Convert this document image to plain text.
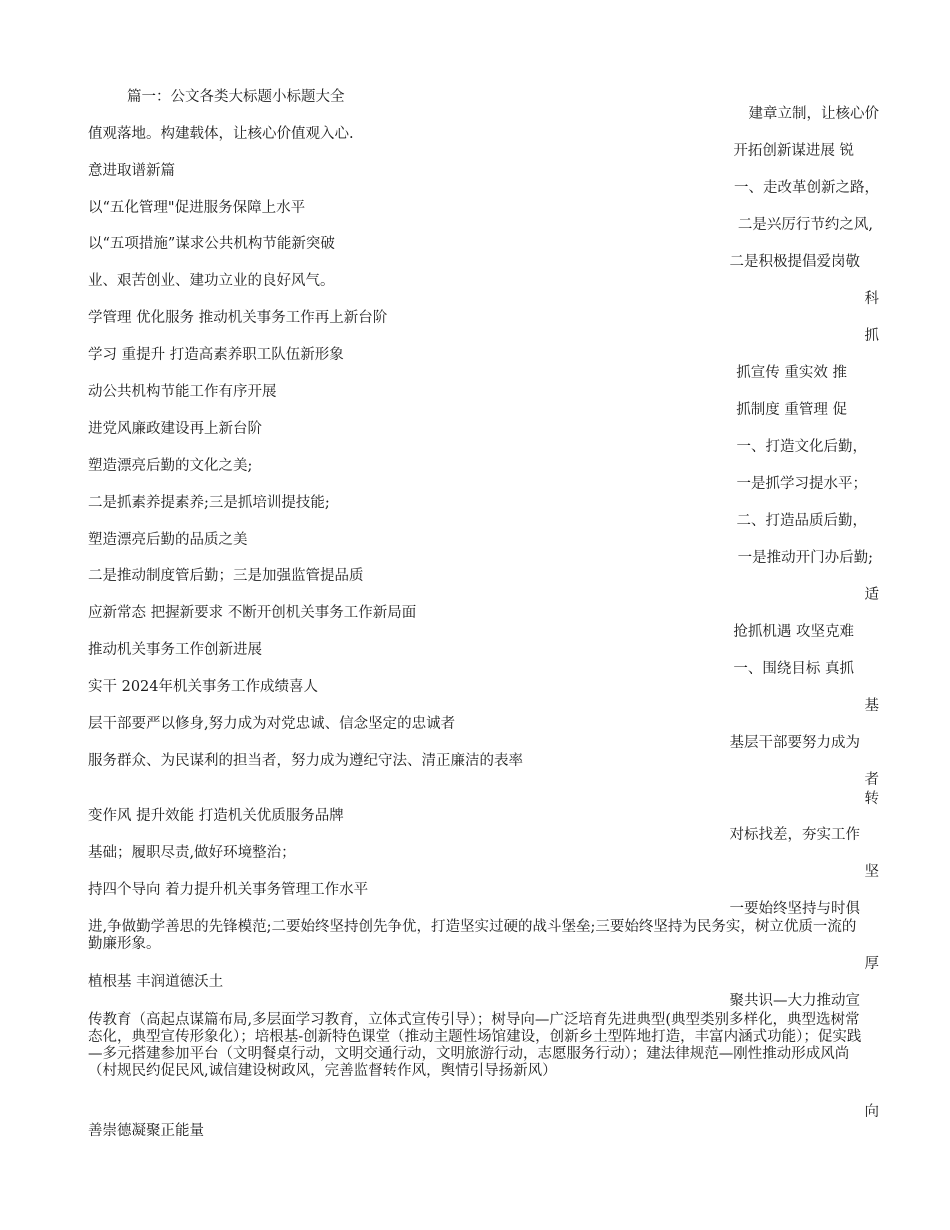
篇一：公文各类大标题小标题大全
值观落地。构建载体，让核心价值观入心.
意进取谱新篇
以“五化管理"促进服务保障上水平
以“五项措施”谋求公共机构节能新突破
业、艰苦创业、建功立业的良好风气。
学管理 优化服务 推动机关事务工作再上新台阶
学习 重提升 打造高素养职工队伍新形象
动公共机构节能工作有序开展
进党风廉政建设再上新台阶
塑造漂亮后勤的文化之美;
二是抓素养提素养;三是抓培训提技能;
塑造漂亮后勤的品质之美
二是推动制度管后勤；三是加强监管提品质
应新常态 把握新要求 不断开创机关事务工作新局面
推动机关事务工作创新进展
实干 2024年机关事务工作成绩喜人
层干部要严以修身,努力成为对党忠诚、信念坚定的忠诚者
服务群众、为民谋利的担当者，努力成为遵纪守法、清正廉洁的表率
变作风 提升效能 打造机关优质服务品牌
基础；履职尽责,做好环境整治；
持四个导向 着力提升机关事务管理工作水平
进,争做勤学善思的先锋模范;二要始终坚持创先争优，打造坚实过硬的战斗堡垒;三要始终坚持为民务实，树立优质一流的勤廉形象。
植根基 丰润道德沃土
传教育（高起点谋篇布局,多层面学习教育，立体式宣传引导）；树导向—广泛培育先进典型(典型类别多样化，典型选树常态化，典型宣传形象化）；培根基-创新特色课堂（推动主题性场馆建设，创新乡土型阵地打造，丰富内涵式功能）；促实践—多元搭建参加平台（文明餐桌行动，文明交通行动，文明旅游行动，志愿服务行动）；建法律规范—刚性推动形成风尚（村规民约促民风,诚信建设树政风，完善监督转作风，舆情引导扬新风）
善崇德凝聚正能量
建章立制，让核心价
开拓创新谋进展 锐
一、走改革创新之路，
二是兴厉行节约之风,
二是积极提倡爱岗敬
科
抓
抓宣传 重实效 推
抓制度 重管理 促
一、打造文化后勤，
一是抓学习提水平；
二、打造品质后勤，
一是推动开门办后勤;
适
抢抓机遇 攻坚克难
一、围绕目标 真抓
基
基层干部要努力成为
者
转
对标找差，夯实工作
坚
一要始终坚持与时俱
厚
聚共识—大力推动宣
向
